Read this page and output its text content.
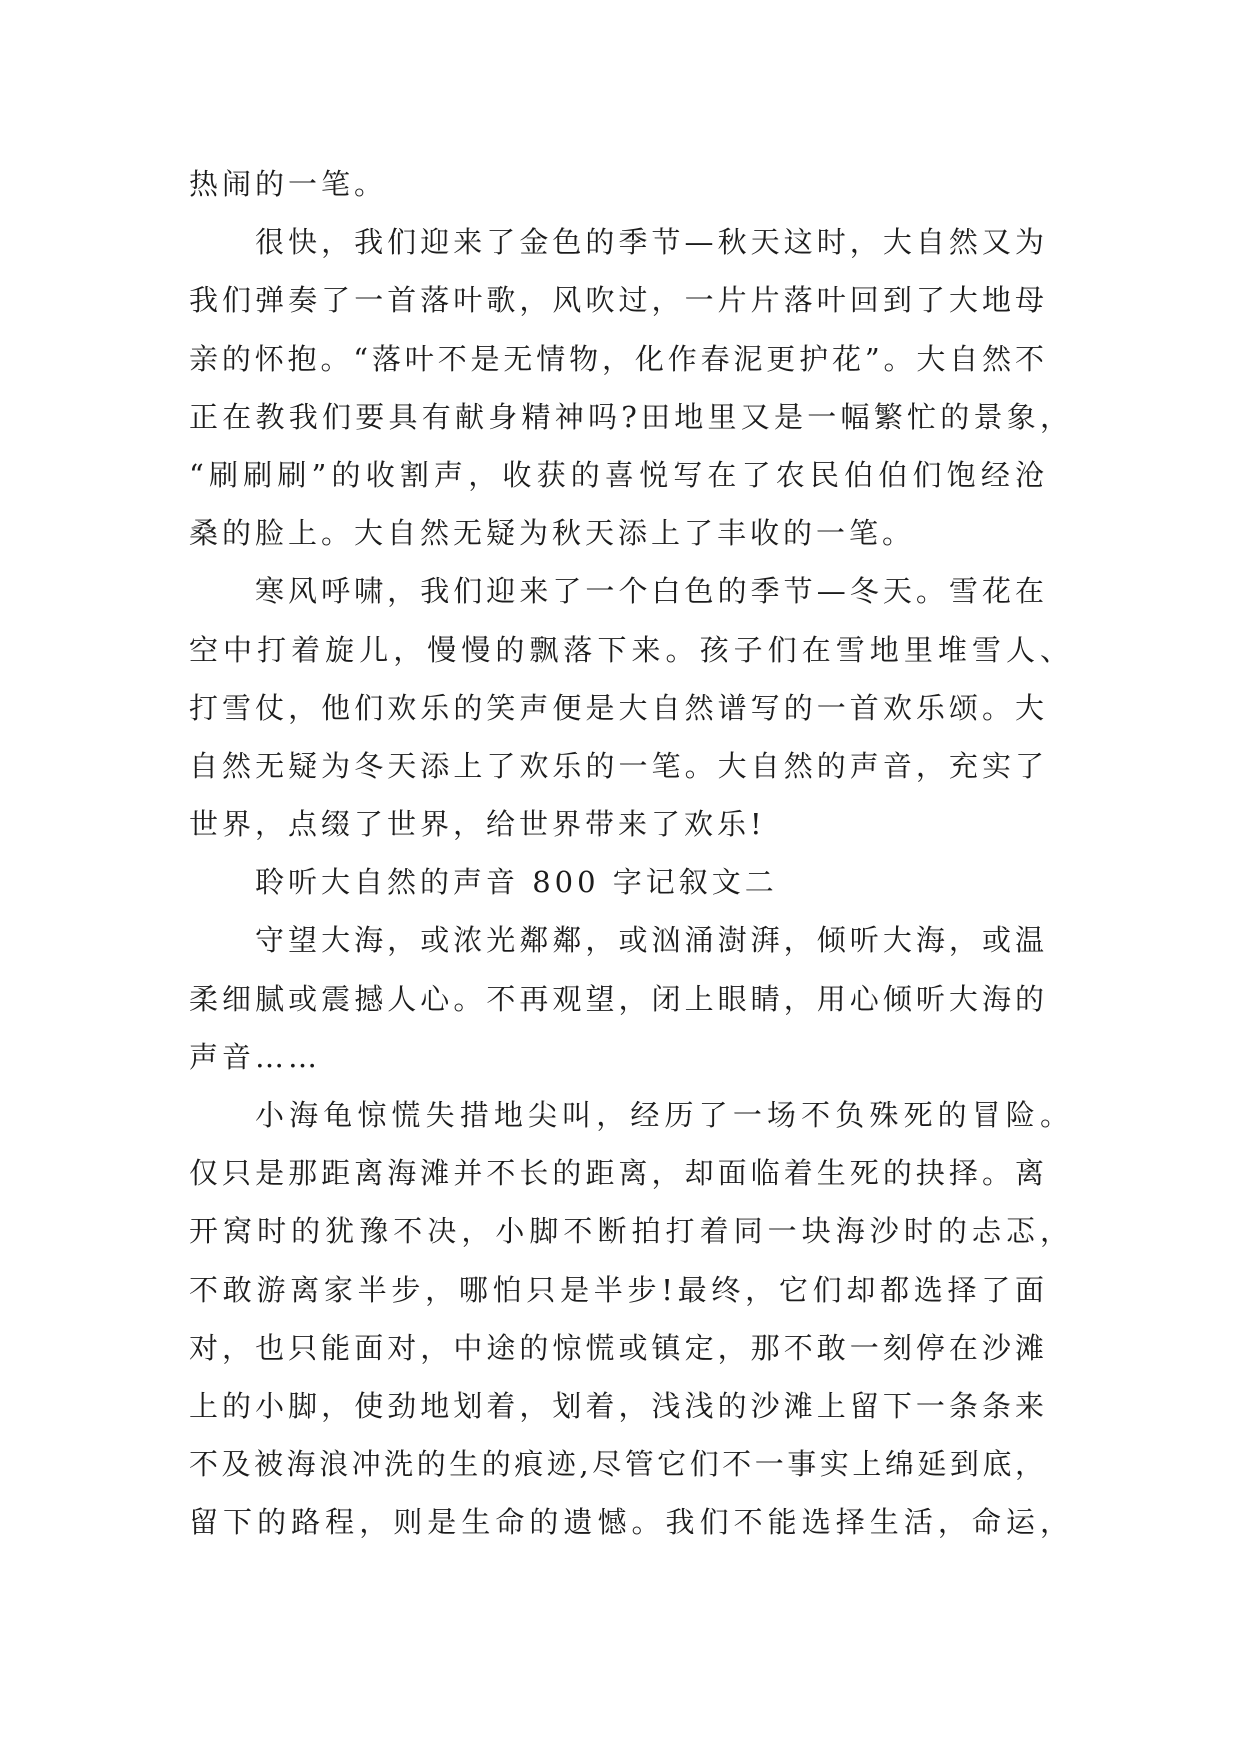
热闹的一笔。
很快，我们迎来了金色的季节—秋天这时，大自然又为
我们弹奏了一首落叶歌，风吹过，一片片落叶回到了大地母
亲的怀抱。“落叶不是无情物，化作春泥更护花”。大自然不
正在教我们要具有献身精神吗?田地里又是一幅繁忙的景象，
“刷刷刷”的收割声，收获的喜悦写在了农民伯伯们饱经沧
桑的脸上。大自然无疑为秋天添上了丰收的一笔。
寒风呼啸，我们迎来了一个白色的季节—冬天。雪花在
空中打着旋儿，慢慢的飘落下来。孩子们在雪地里堆雪人、
打雪仗，他们欢乐的笑声便是大自然谱写的一首欢乐颂。大
自然无疑为冬天添上了欢乐的一笔。大自然的声音，充实了
世界，点缀了世界，给世界带来了欢乐!
聆听大自然的声音 800 字记叙文二
守望大海，或浓光鄰鄰，或汹涌澍湃，倾听大海，或温
柔细腻或震撼人心。不再观望，闭上眼睛，用心倾听大海的
声音……
小海龟惊慌失措地尖叫，经历了一场不负殊死的冒险。
仅只是那距离海滩并不长的距离，却面临着生死的抉择。离
开窝时的犹豫不决，小脚不断拍打着同一块海沙时的忐忑，
不敢游离家半步，哪怕只是半步!最终，它们却都选择了面
对，也只能面对，中途的惊慌或镇定，那不敢一刻停在沙滩
上的小脚，使劲地划着，划着，浅浅的沙滩上留下一条条来
不及被海浪冲洗的生的痕迹,尽管它们不一事实上绵延到底，
留下的路程，则是生命的遗憾。我们不能选择生活，命运，
